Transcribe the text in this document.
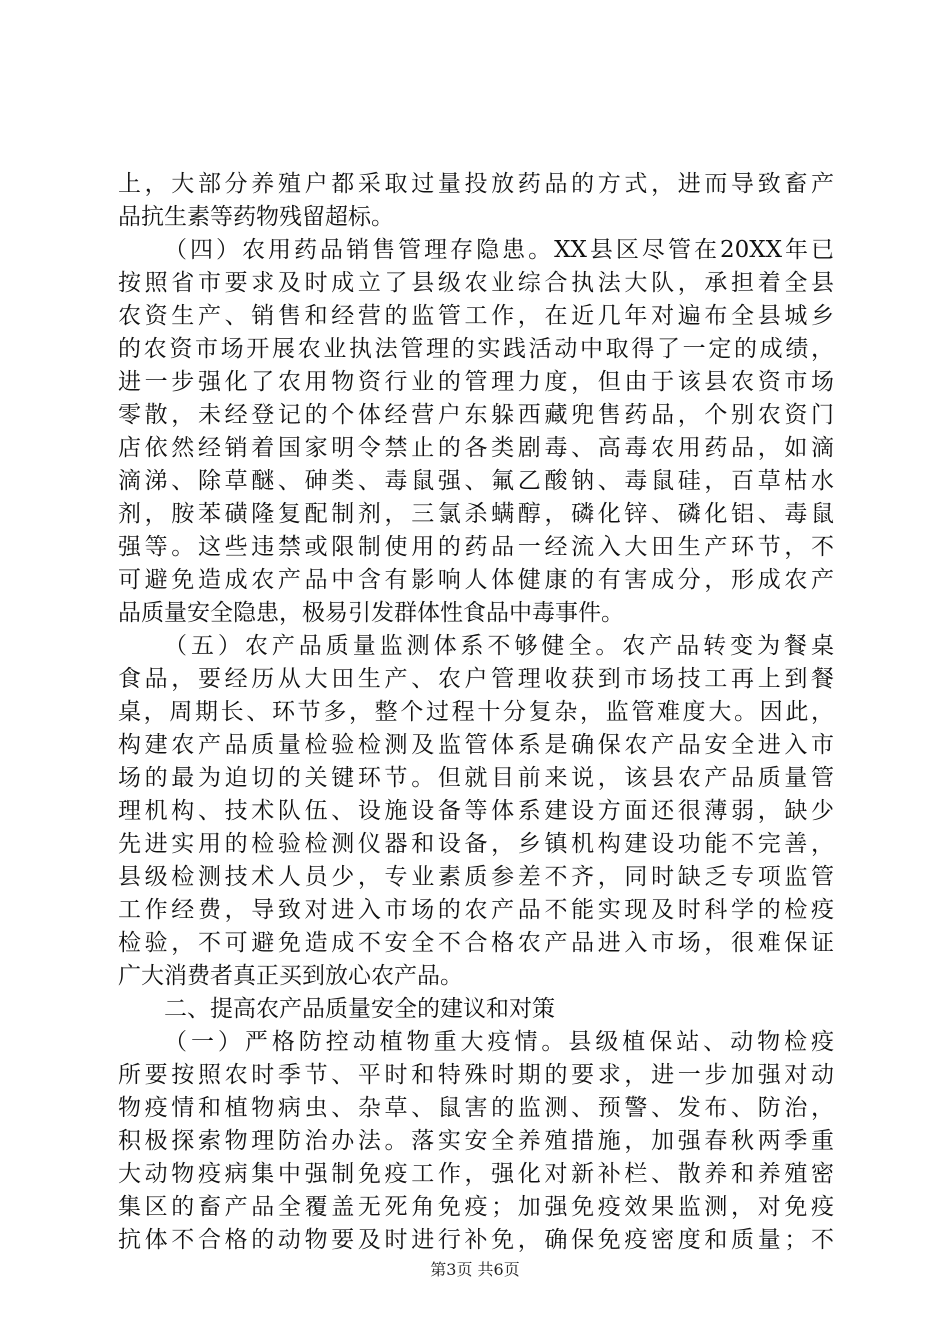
上，大部分养殖户都采取过量投放药品的方式，进而导致畜产
品抗生素等药物残留超标。
（四）农用药品销售管理存隐患。XX县区尽管在20XX年已
按照省市要求及时成立了县级农业综合执法大队，承担着全县
农资生产、销售和经营的监管工作，在近几年对遍布全县城乡
的农资市场开展农业执法管理的实践活动中取得了一定的成绩，
进一步强化了农用物资行业的管理力度，但由于该县农资市场
零散，未经登记的个体经营户东躲西藏兜售药品，个别农资门
店依然经销着国家明令禁止的各类剧毒、高毒农用药品，如滴
滴涕、除草醚、砷类、毒鼠强、氟乙酸钠、毒鼠硅，百草枯水
剂，胺苯磺隆复配制剂，三氯杀螨醇，磷化锌、磷化铝、毒鼠
强等。这些违禁或限制使用的药品一经流入大田生产环节，不
可避免造成农产品中含有影响人体健康的有害成分，形成农产
品质量安全隐患，极易引发群体性食品中毒事件。
（五）农产品质量监测体系不够健全。农产品转变为餐桌
食品，要经历从大田生产、农户管理收获到市场技工再上到餐
桌，周期长、环节多，整个过程十分复杂，监管难度大。因此，
构建农产品质量检验检测及监管体系是确保农产品安全进入市
场的最为迫切的关键环节。但就目前来说，该县农产品质量管
理机构、技术队伍、设施设备等体系建设方面还很薄弱，缺少
先进实用的检验检测仪器和设备，乡镇机构建设功能不完善，
县级检测技术人员少，专业素质参差不齐，同时缺乏专项监管
工作经费，导致对进入市场的农产品不能实现及时科学的检疫
检验，不可避免造成不安全不合格农产品进入市场，很难保证
广大消费者真正买到放心农产品。
二、提高农产品质量安全的建议和对策
（一）严格防控动植物重大疫情。县级植保站、动物检疫
所要按照农时季节、平时和特殊时期的要求，进一步加强对动
物疫情和植物病虫、杂草、鼠害的监测、预警、发布、防治，
积极探索物理防治办法。落实安全养殖措施，加强春秋两季重
大动物疫病集中强制免疫工作，强化对新补栏、散养和养殖密
集区的畜产品全覆盖无死角免疫；加强免疫效果监测，对免疫
抗体不合格的动物要及时进行补免，确保免疫密度和质量；不
第3页 共6页
